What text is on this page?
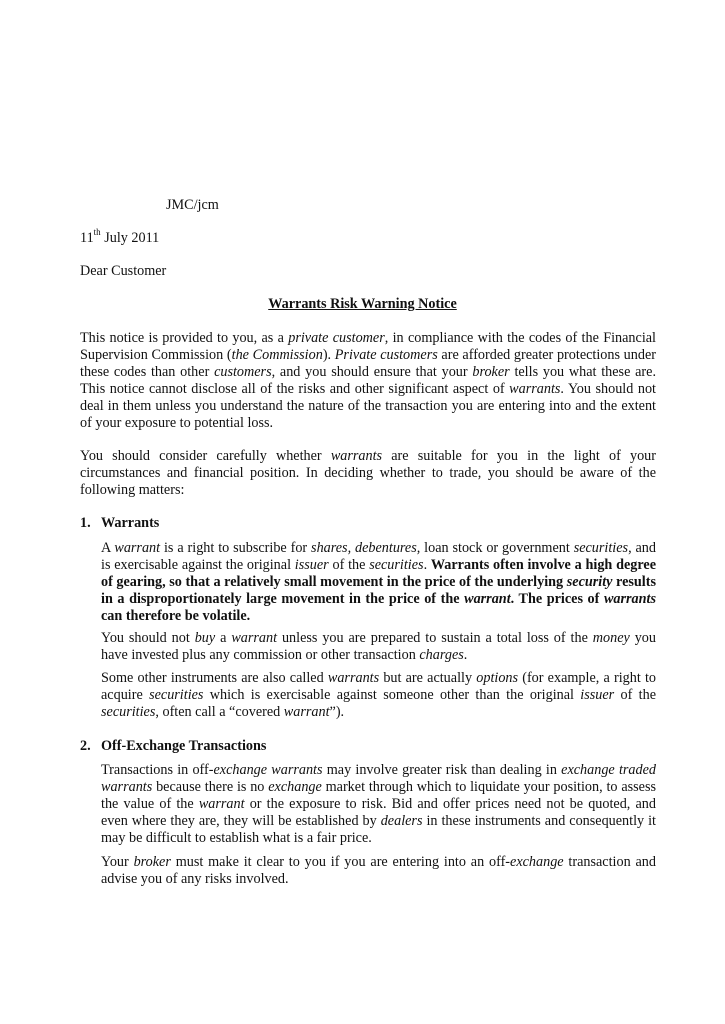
JMC/jcm
11th July 2011
Dear Customer
Warrants Risk Warning Notice

This notice is provided to you, as a private customer, in compliance with the codes of the Financial Supervision Commission (the Commission). Private customers are afforded greater protections under these codes than other customers, and you should ensure that your broker tells you what these are. This notice cannot disclose all of the risks and other significant aspect of warrants. You should not deal in them unless you understand the nature of the transaction you are entering into and the extent of your exposure to potential loss.

You should consider carefully whether warrants are suitable for you in the light of your circumstances and financial position. In deciding whether to trade, you should be aware of the following matters:

1. Warrants

A warrant is a right to subscribe for shares, debentures, loan stock or government securities, and is exercisable against the original issuer of the securities. Warrants often involve a high degree of gearing, so that a relatively small movement in the price of the underlying security results in a disproportionately large movement in the price of the warrant. The prices of warrants can therefore be volatile.

You should not buy a warrant unless you are prepared to sustain a total loss of the money you have invested plus any commission or other transaction charges.

Some other instruments are also called warrants but are actually options (for example, a right to acquire securities which is exercisable against someone other than the original issuer of the securities, often call a “covered warrant”).

2. Off-Exchange Transactions

Transactions in off-exchange warrants may involve greater risk than dealing in exchange traded warrants because there is no exchange market through which to liquidate your position, to assess the value of the warrant or the exposure to risk. Bid and offer prices need not be quoted, and even where they are, they will be established by dealers in these instruments and consequently it may be difficult to establish what is a fair price.

Your broker must make it clear to you if you are entering into an off-exchange transaction and advise you of any risks involved.
